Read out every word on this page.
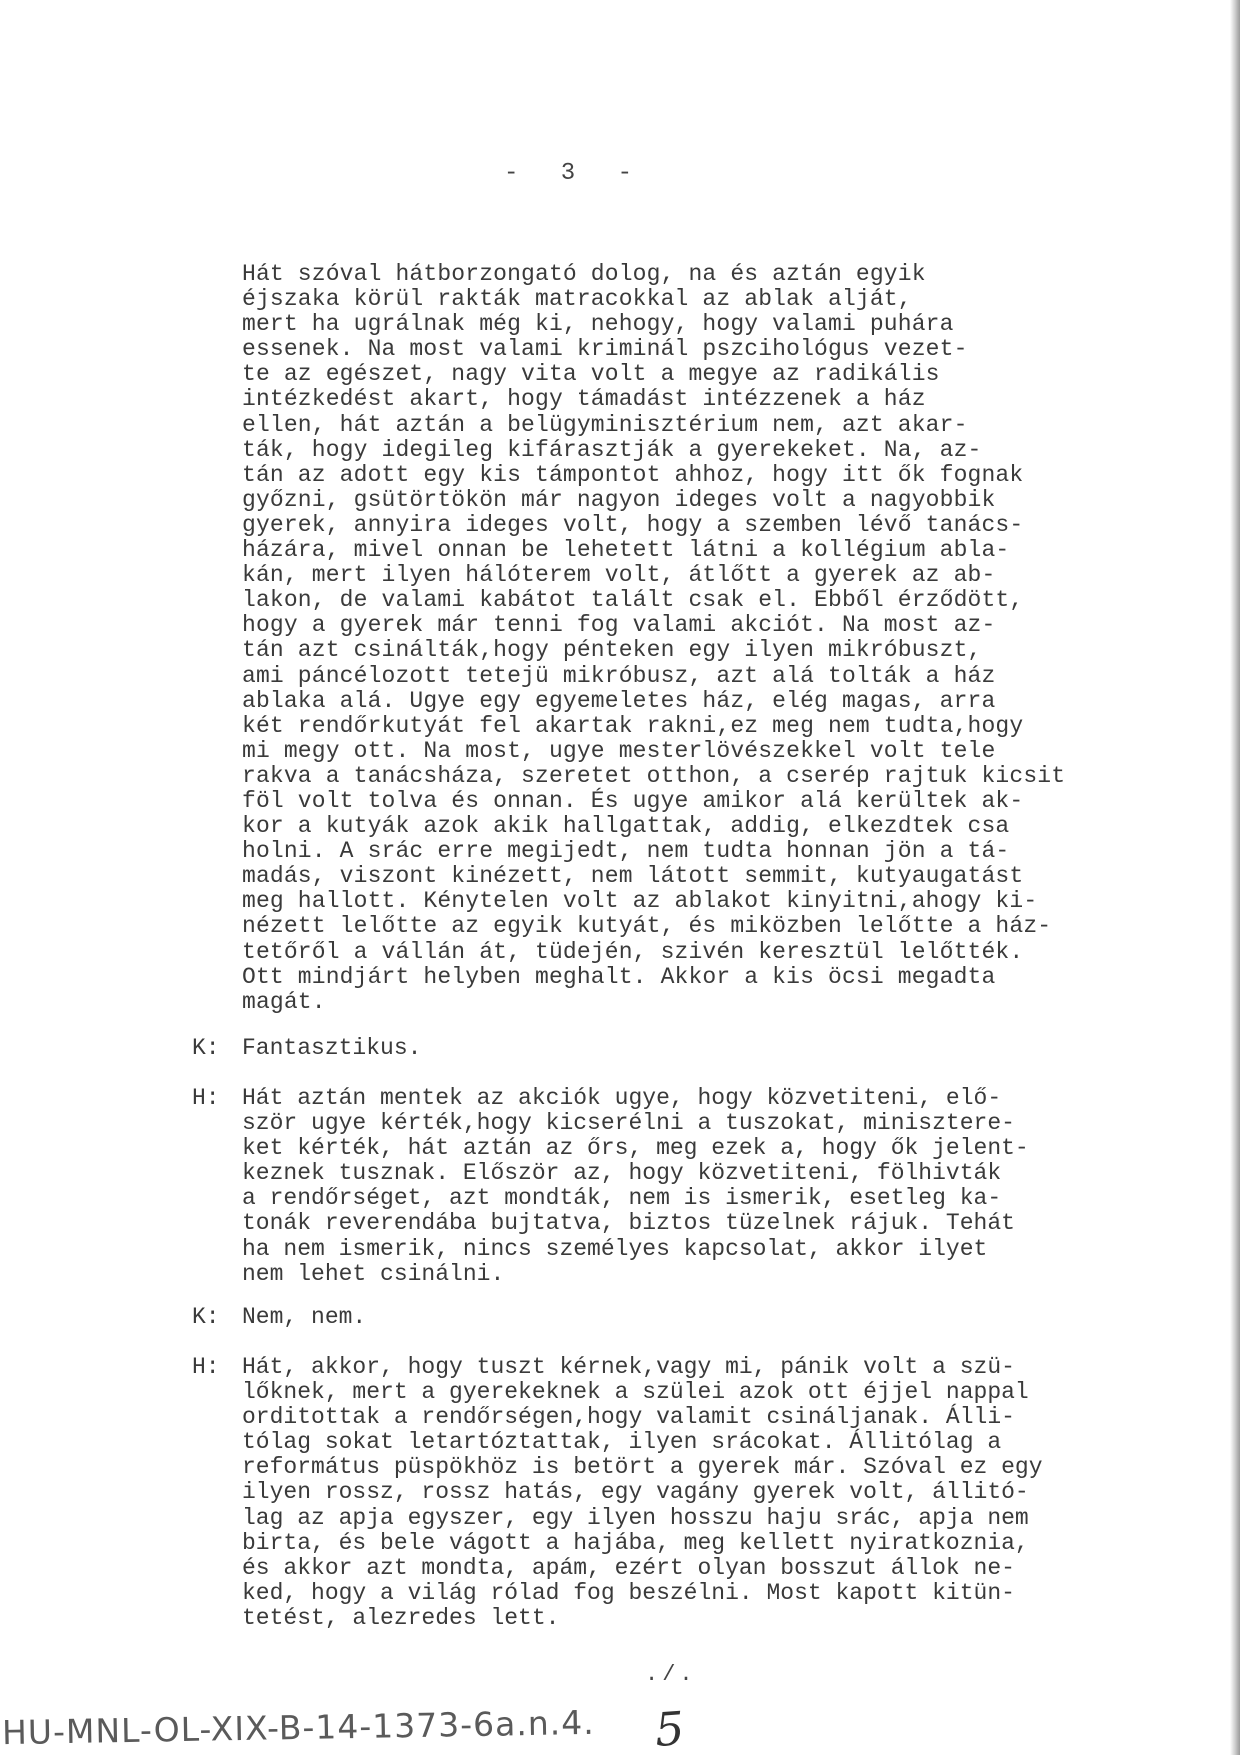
- 3 -
Hát szóval hátborzongató dolog, na és aztán egyik
éjszaka körül rakták matracokkal az ablak alját,
mert ha ugrálnak még ki, nehogy, hogy valami puhára
essenek. Na most valami kriminál pszcihológus vezet-
te az egészet, nagy vita volt a megye az radikális
intézkedést akart, hogy támadást intézzenek a ház
ellen, hát aztán a belügyminisztérium nem, azt akar-
ták, hogy idegileg kifárasztják a gyerekeket. Na, az-
tán az adott egy kis támpontot ahhoz, hogy itt ők fognak
győzni, gsütörtökön már nagyon ideges volt a nagyobbik
gyerek, annyira ideges volt, hogy a szemben lévő tanács-
házára, mivel onnan be lehetett látni a kollégium abla-
kán, mert ilyen hálóterem volt, átlőtt a gyerek az ab-
lakon, de valami kabátot talált csak el. Ebből érződött,
hogy a gyerek már tenni fog valami akciót. Na most az-
tán azt csinálták,hogy pénteken egy ilyen mikróbuszt,
ami páncélozott tetejü mikróbusz, azt alá tolták a ház
ablaka alá. Ugye egy egyemeletes ház, elég magas, arra
két rendőrkutyát fel akartak rakni,ez meg nem tudta,hogy
mi megy ott. Na most, ugye mesterlövészekkel volt tele
rakva a tanácsháza, szeretet otthon, a cserép rajtuk kicsit
föl volt tolva és onnan. És ugye amikor alá kerültek ak-
kor a kutyák azok akik hallgattak, addig, elkezdtek csa
holni. A srác erre megijedt, nem tudta honnan jön a tá-
madás, viszont kinézett, nem látott semmit, kutyaugatást
meg hallott. Kénytelen volt az ablakot kinyitni,ahogy ki-
nézett lelőtte az egyik kutyát, és miközben lelőtte a ház-
tetőről a vállán át, tüdején, szivén keresztül lelőtték.
Ott mindjárt helyben meghalt. Akkor a kis öcsi megadta
magát.
K: Fantasztikus.
H: Hát aztán mentek az akciók ugye, hogy közvetiteni, elő-
ször ugye kérték,hogy kicserélni a tuszokat, minisztere-
ket kérték, hát aztán az őrs, meg ezek a, hogy ők jelent-
keznek tusznak. Először az, hogy közvetiteni, fölhivták
a rendőrséget, azt mondták, nem is ismerik, esetleg ka-
tonák reverendába bujtatva, biztos tüzelnek rájuk. Tehát
ha nem ismerik, nincs személyes kapcsolat, akkor ilyet
nem lehet csinálni.
K: Nem, nem.
H: Hát, akkor, hogy tuszt kérnek,vagy mi, pánik volt a szü-
lőknek, mert a gyerekeknek a szülei azok ott éjjel nappal
orditottak a rendőrségen,hogy valamit csináljanak. Álli-
tólag sokat letartóztattak, ilyen srácokat. Állitólag a
református püspökhöz is betört a gyerek már. Szóval ez egy
ilyen rossz, rossz hatás, egy vagány gyerek volt, állitó-
lag az apja egyszer, egy ilyen hosszu haju srác, apja nem
birta, és bele vágott a hajába, meg kellett nyiratkoznia,
és akkor azt mondta, apám, ezért olyan bosszut állok ne-
ked, hogy a világ rólad fog beszélni. Most kapott kitün-
tetést, alezredes lett.
./.
HU-MNL-OL-XIX-B-14-1373-6a.n.4. 5
